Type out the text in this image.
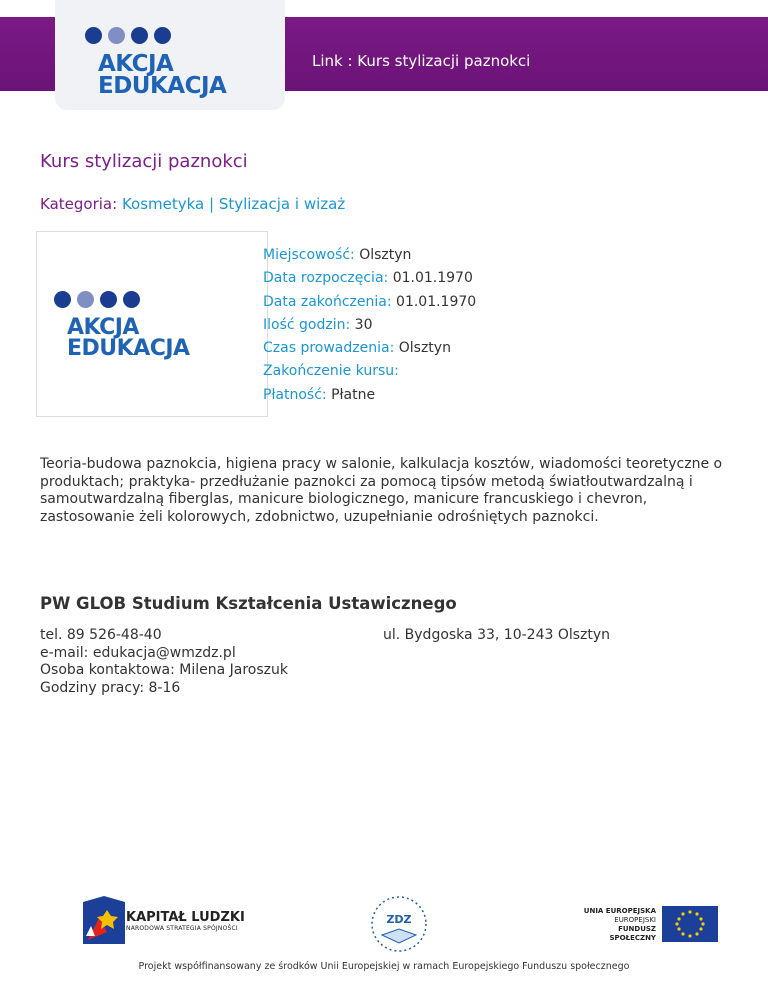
Link : Kurs stylizacji paznokci
AKCJA
EDUKACJA
Kurs stylizacji paznokci
Kategoria: Kosmetyka | Stylizacja i wizaż
AKCJA
EDUKACJA
Miejscowość: Olsztyn
Data rozpoczęcia: 01.01.1970
Data zakończenia: 01.01.1970
Ilość godzin: 30
Czas prowadzenia: Olsztyn
Zakończenie kursu:
Płatność: Płatne
Teoria-budowa paznokcia, higiena pracy w salonie, kalkulacja kosztów, wiadomości teoretyczne o produktach; praktyka- przedłużanie paznokci za pomocą tipsów metodą światłoutwardzalną i samoutwardzalną fiberglas, manicure biologicznego, manicure francuskiego i chevron, zastosowanie żeli kolorowych, zdobnictwo, uzupełnianie odrośniętych paznokci.
PW GLOB Studium Kształcenia Ustawicznego
tel. 89 526-48-40
e-mail: edukacja@wmzdz.pl
Osoba kontaktowa: Milena Jaroszuk
Godziny pracy: 8-16
ul. Bydgoska 33, 10-243 Olsztyn
KAPITAŁ LUDZKI
NARODOWA STRATEGIA SPÓJNOŚCI
ZDZ
UNIA EUROPEJSKA
EUROPEJSKI
FUNDUSZ SPOŁECZNY
Projekt współfinansowany ze środków Unii Europejskiej w ramach Europejskiego Funduszu społecznego
